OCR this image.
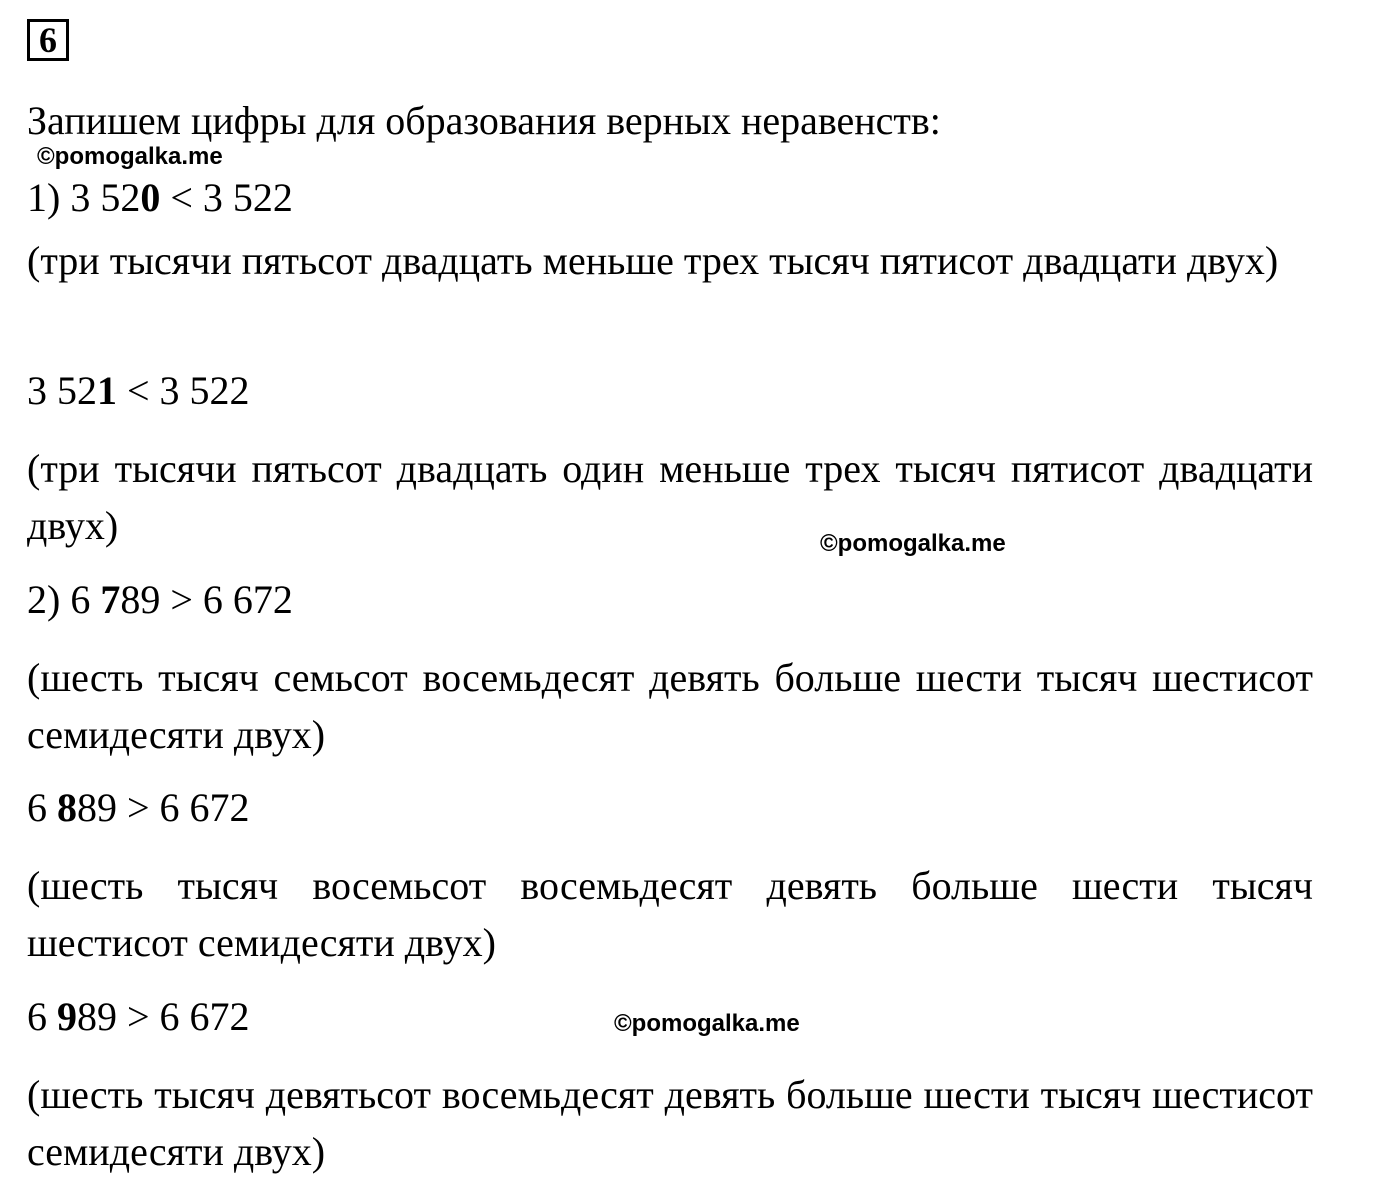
6
Запишем цифры для образования верных неравенств:
©pomogalka.me
1) 3 520 < 3 522
(три тысячи пятьсот двадцать меньше трех тысяч пятисот двадцати двух)
3 521 < 3 522
(три тысячи пятьсот двадцать один меньше трех тысяч пятисот двадцати двух)	©pomogalka.me
2) 6 789 > 6 672
(шесть тысяч семьсот восемьдесят девять больше шести тысяч шестисот семидесяти двух)
6 889 > 6 672
(шесть тысяч восемьсот восемьдесят девять больше шести тысяч шестисот семидесяти двух)
6 989 > 6 672	©pomogalka.me
(шесть тысяч девятьсот восемьдесят девять больше шести тысяч шестисот семидесяти двух)
